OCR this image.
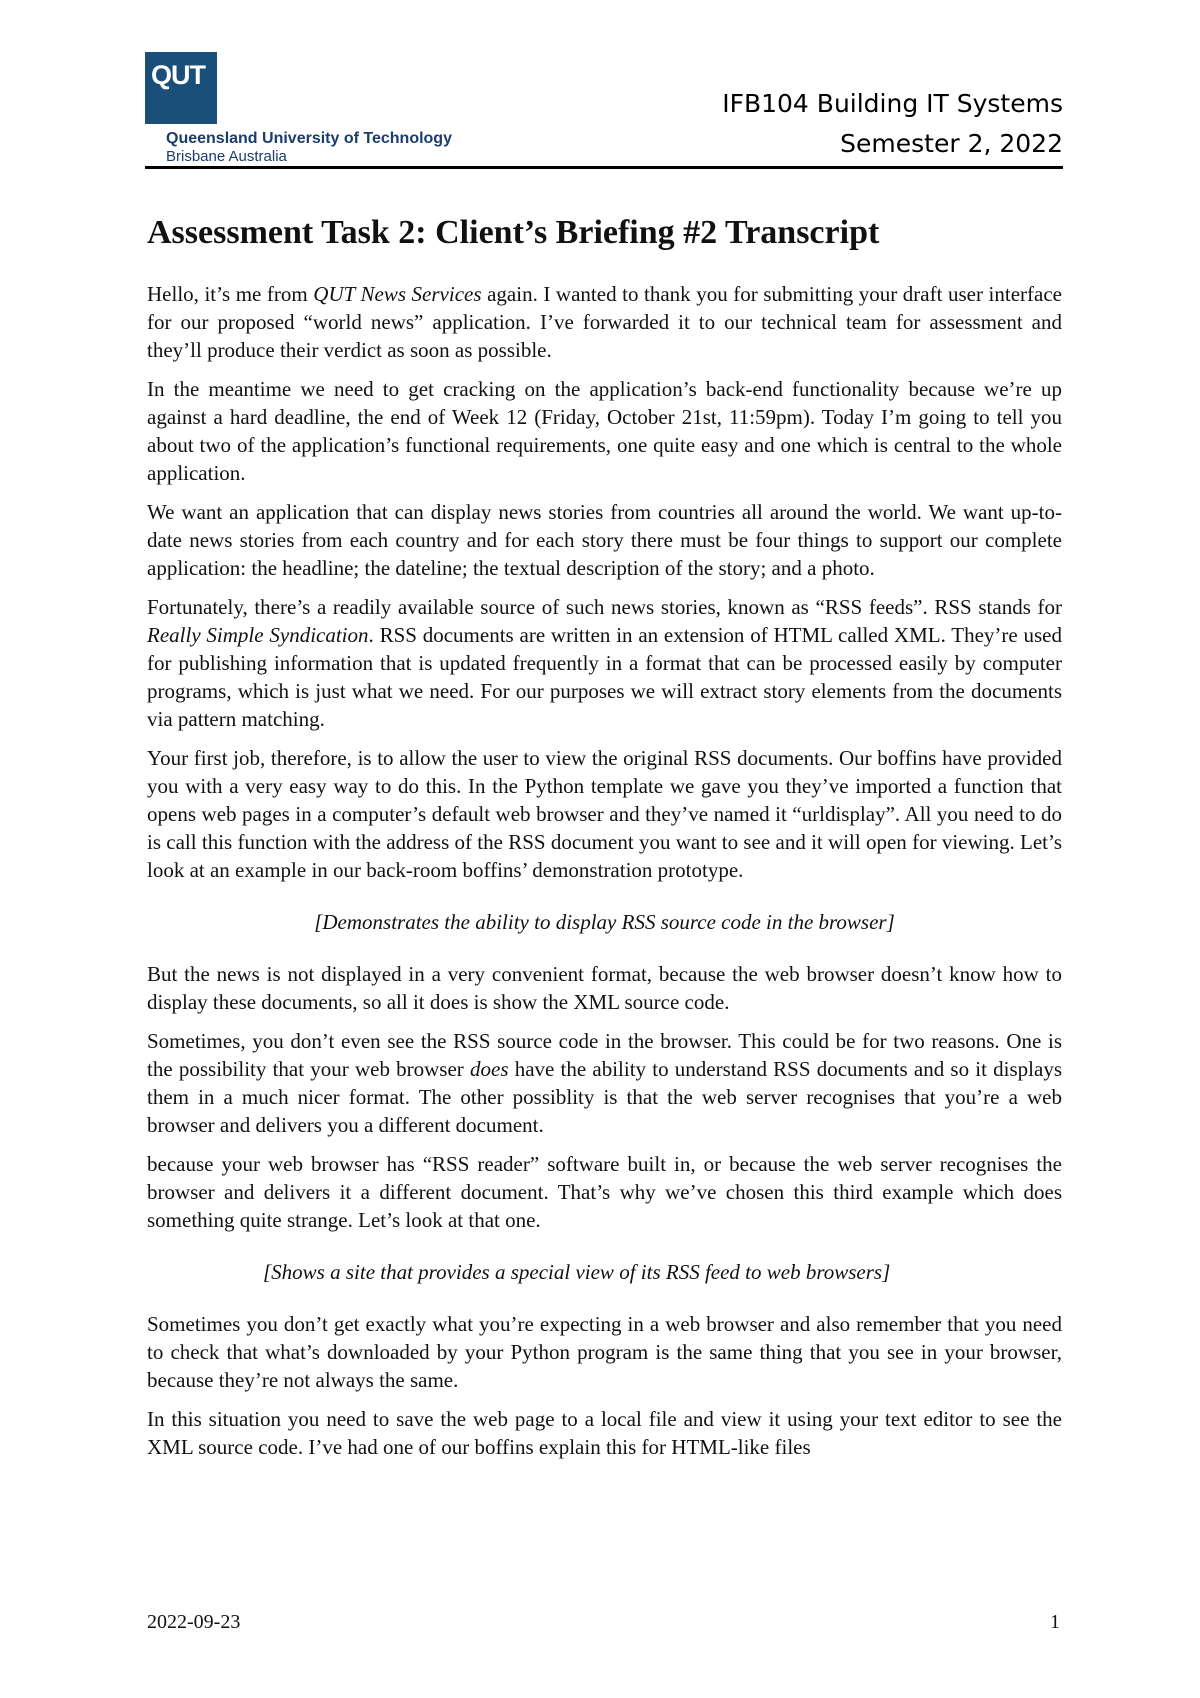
QUT
Queensland University of Technology
Brisbane Australia
IFB104 Building IT Systems
Semester 2, 2022
Assessment Task 2: Client’s Briefing #2 Transcript

Hello, it’s me from QUT News Services again. I wanted to thank you for submitting your draft user interface for our proposed “world news” application. I’ve forwarded it to our technical team for assessment and they’ll produce their verdict as soon as possible.

In the meantime we need to get cracking on the application’s back-end functionality because we’re up against a hard deadline, the end of Week 12 (Friday, October 21st, 11:59pm). Today I’m going to tell you about two of the application’s functional requirements, one quite easy and one which is central to the whole application.

We want an application that can display news stories from countries all around the world. We want up-to-date news stories from each country and for each story there must be four things to support our complete application: the headline; the dateline; the textual description of the story; and a photo.

Fortunately, there’s a readily available source of such news stories, known as “RSS feeds”. RSS stands for Really Simple Syndication. RSS documents are written in an extension of HTML called XML. They’re used for publishing information that is updated frequently in a format that can be processed easily by computer programs, which is just what we need. For our purposes we will extract story elements from the documents via pattern matching.

Your first job, therefore, is to allow the user to view the original RSS documents. Our boffins have provided you with a very easy way to do this. In the Python template we gave you they’ve imported a function that opens web pages in a computer’s default web browser and they’ve named it “urldisplay”. All you need to do is call this function with the address of the RSS document you want to see and it will open for viewing. Let’s look at an example in our back-room boffins’ demonstration prototype.

[Demonstrates the ability to display RSS source code in the browser]

But the news is not displayed in a very convenient format, because the web browser doesn’t know how to display these documents, so all it does is show the XML source code.

Sometimes, you don’t even see the RSS source code in the browser. This could be for two reasons. One is the possibility that your web browser does have the ability to understand RSS documents and so it displays them in a much nicer format. The other possiblity is that the web server recognises that you’re a web browser and delivers you a different document.

because your web browser has “RSS reader” software built in, or because the web server recognises the browser and delivers it a different document. That’s why we’ve chosen this third example which does something quite strange. Let’s look at that one.

[Shows a site that provides a special view of its RSS feed to web browsers]

Sometimes you don’t get exactly what you’re expecting in a web browser and also remember that you need to check that what’s downloaded by your Python program is the same thing that you see in your browser, because they’re not always the same.

In this situation you need to save the web page to a local file and view it using your text editor to see the XML source code. I’ve had one of our boffins explain this for HTML-like files

2022-09-23	1
